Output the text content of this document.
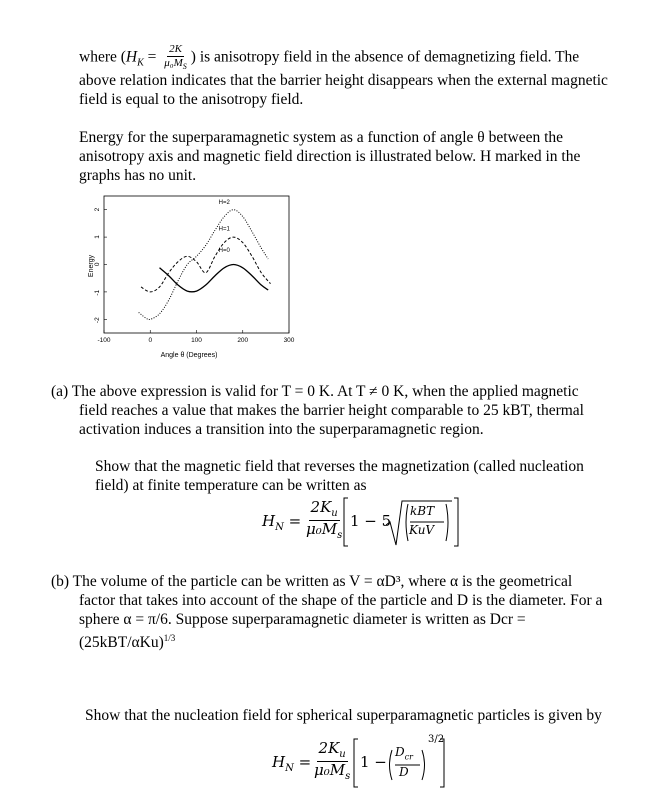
where ($H_K = \frac{2K}{\mu_0M_S}$ ) is anisotropy field in the absence of demagnetizing field. The
above relation indicates that the barrier height disappears when the external magnetic
field is equal to the anisotropy field.
Energy for the superparamagnetic system as a function of angle θ between the
anisotropy axis and magnetic field direction is illustrated below. H marked in the
graphs has no unit.
-100	0	100	200	300
2
1
0
-1
-2
H=0
H=1
H=2
Energy
Angle θ (Degrees)
(a) The above expression is valid for T = 0 K. At T ≠ 0 K, when the applied magnetic
field reaches a value that makes the barrier height comparable to 25 kBT, thermal
activation induces a transition into the superparamagnetic region.
Show that the magnetic field that reverses the magnetization (called nucleation
field) at finite temperature can be written as
$H_N = \frac{2K_u}{\mu_0M_s} 1 - 5$
kBT
KuV
(b) The volume of the particle can be written as V = αD³, where α is the geometrical
factor that takes into account of the shape of the particle and D is the diameter. For a
sphere α = π/6. Suppose superparamagnetic diameter is written as Dcr =
$(25kBT/\alpha Ku)^{1/3}$
Show that the nucleation field for spherical superparamagnetic particles is given by
$H_N = \frac{2K_u}{\mu_0M_s} 1$ −
$D_{cr}$
D
3/2
